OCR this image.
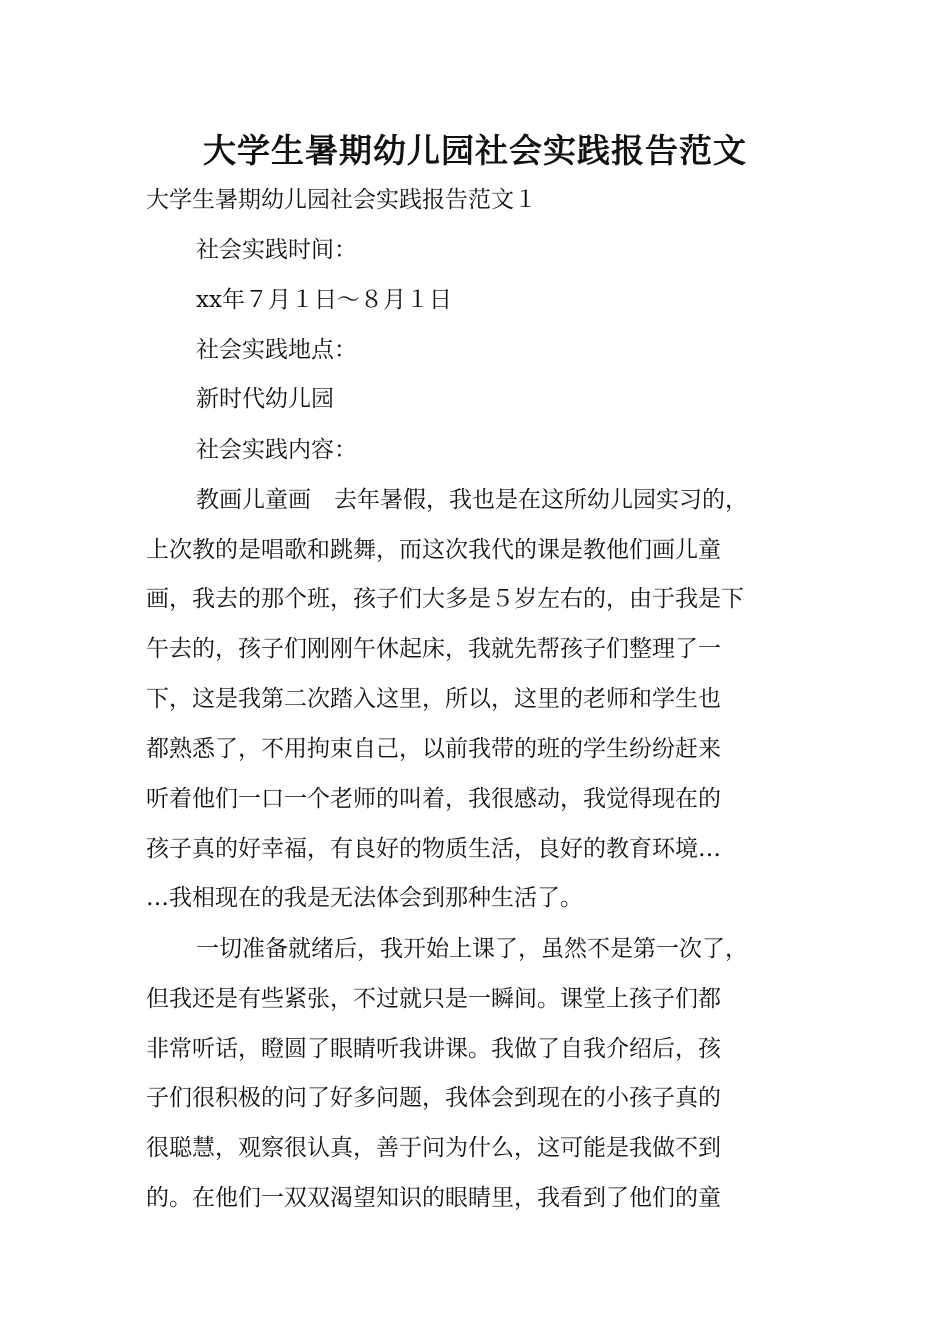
大学生暑期幼儿园社会实践报告范文
大学生暑期幼儿园社会实践报告范文１
社会实践时间：
xx年７月１日～８月１日
社会实践地点：
新时代幼儿园
社会实践内容：
教画儿童画　去年暑假，我也是在这所幼儿园实习的，
上次教的是唱歌和跳舞，而这次我代的课是教他们画儿童
画，我去的那个班，孩子们大多是５岁左右的，由于我是下
午去的，孩子们刚刚午休起床，我就先帮孩子们整理了一
下，这是我第二次踏入这里，所以，这里的老师和学生也
都熟悉了，不用拘束自己，以前我带的班的学生纷纷赶来
听着他们一口一个老师的叫着，我很感动，我觉得现在的
孩子真的好幸福，有良好的物质生活，良好的教育环境…
…我相现在的我是无法体会到那种生活了。
一切准备就绪后，我开始上课了，虽然不是第一次了，
但我还是有些紧张，不过就只是一瞬间。课堂上孩子们都
非常听话，瞪圆了眼睛听我讲课。我做了自我介绍后，孩
子们很积极的问了好多问题，我体会到现在的小孩子真的
很聪慧，观察很认真，善于问为什么，这可能是我做不到
的。在他们一双双渴望知识的眼睛里，我看到了他们的童
